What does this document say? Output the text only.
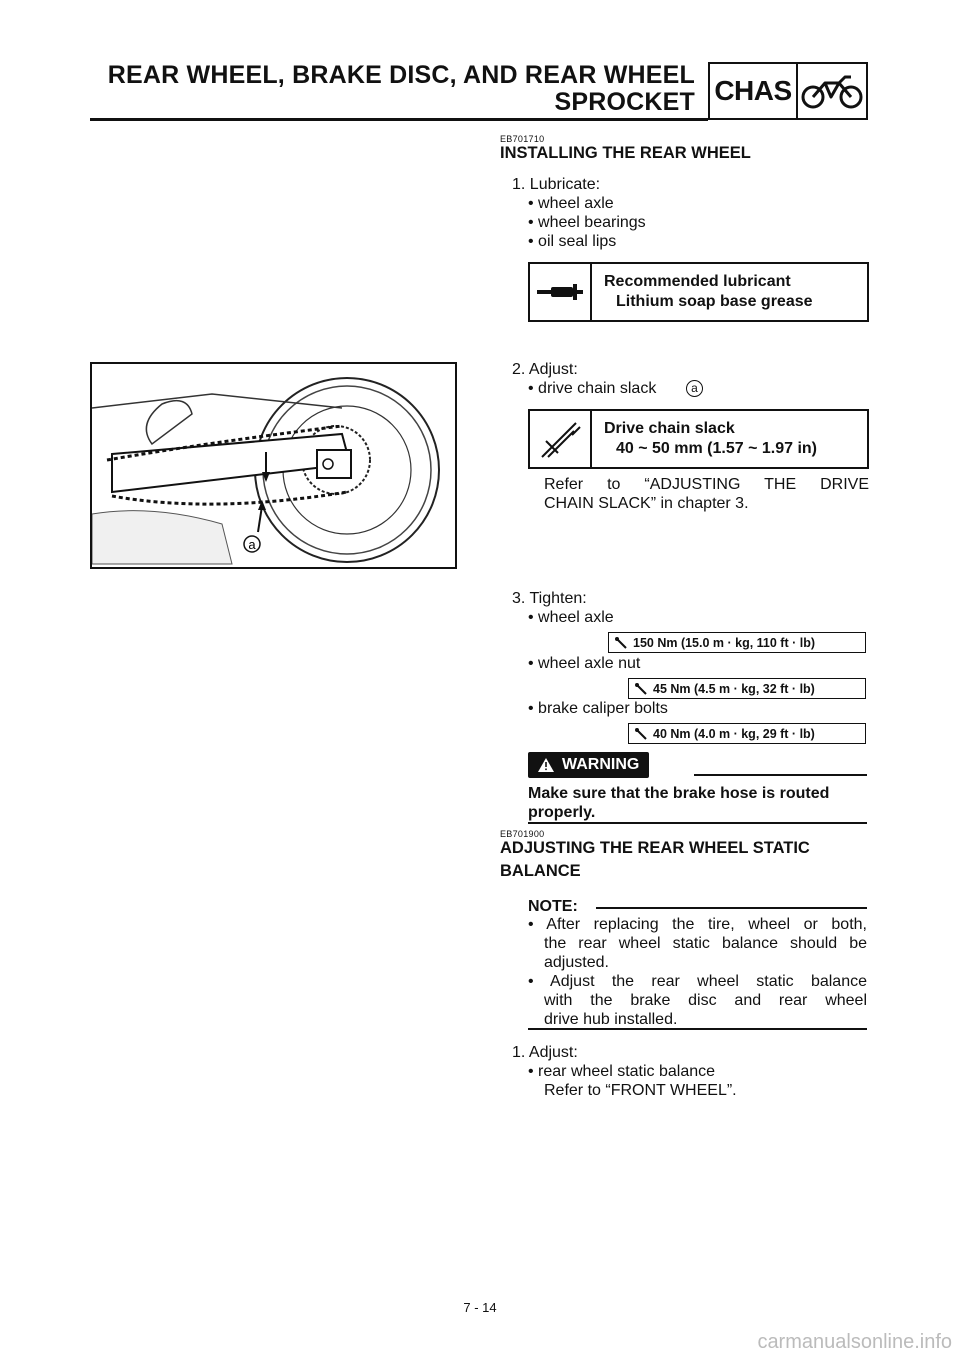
REAR WHEEL, BRAKE DISC, AND REAR WHEEL
SPROCKET CHAS
EB701710
INSTALLING THE REAR WHEEL
1. Lubricate:
• wheel axle
• wheel bearings
• oil seal lips
Recommended lubricant
Lithium soap base grease
a
2. Adjust:
• drive chain slack	a
Drive chain slack
40 ~ 50 mm (1.57 ~ 1.97 in)
Refer to “ADJUSTING THE DRIVE
CHAIN SLACK” in chapter 3.
3. Tighten:
• wheel axle
150 Nm (15.0 m · kg, 110 ft · lb)
• wheel axle nut
45 Nm (4.5 m · kg, 32 ft · lb)
• brake caliper bolts
40 Nm (4.0 m · kg, 29 ft · lb)
WARNING
Make sure that the brake hose is routed
properly.
EB701900
ADJUSTING THE REAR WHEEL STATIC
BALANCE
NOTE:
• After replacing the tire, wheel or both,
the rear wheel static balance should be
adjusted.
• Adjust the rear wheel static balance
with the brake disc and rear wheel
drive hub installed.
1. Adjust:
• rear wheel static balance
Refer to “FRONT WHEEL”.
7 - 14
carmanualsonline.info
